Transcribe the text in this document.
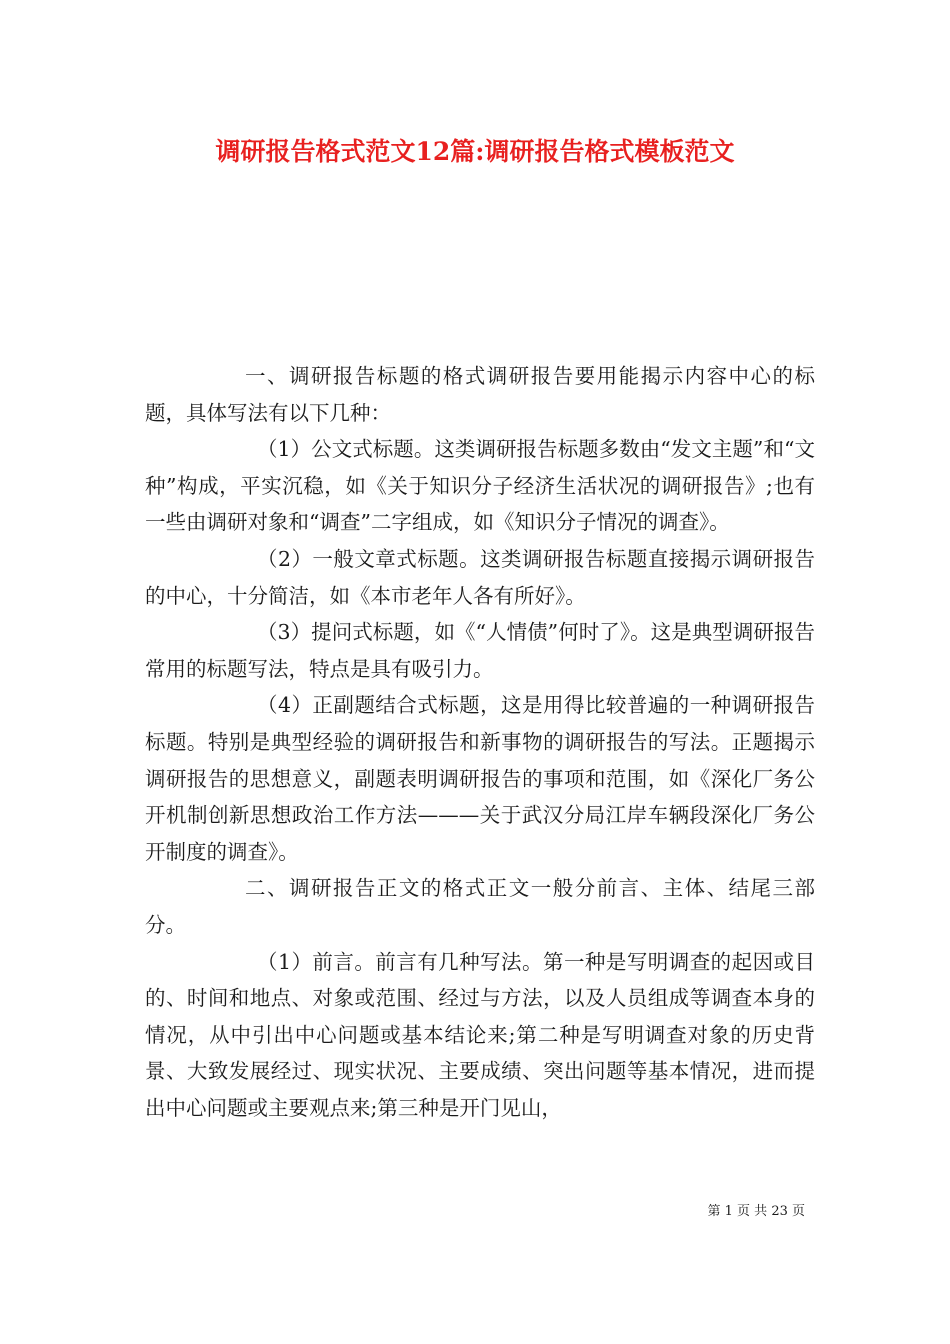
调研报告格式范文12篇:调研报告格式模板范文

一、调研报告标题的格式调研报告要用能揭示内容中心的标题，具体写法有以下几种：

（1）公文式标题。这类调研报告标题多数由“发文主题”和“文种”构成，平实沉稳，如《关于知识分子经济生活状况的调研报告》;也有一些由调研对象和“调查”二字组成，如《知识分子情况的调查》。

（2）一般文章式标题。这类调研报告标题直接揭示调研报告的中心，十分简洁，如《本市老年人各有所好》。

（3）提问式标题，如《“人情债”何时了》。这是典型调研报告常用的标题写法，特点是具有吸引力。

（4）正副题结合式标题，这是用得比较普遍的一种调研报告标题。特别是典型经验的调研报告和新事物的调研报告的写法。正题揭示调研报告的思想意义，副题表明调研报告的事项和范围，如《深化厂务公开机制创新思想政治工作方法———关于武汉分局江岸车辆段深化厂务公开制度的调查》。

二、调研报告正文的格式正文一般分前言、主体、结尾三部分。

（1）前言。前言有几种写法。第一种是写明调查的起因或目的、时间和地点、对象或范围、经过与方法，以及人员组成等调查本身的情况，从中引出中心问题或基本结论来;第二种是写明调查对象的历史背景、大致发展经过、现实状况、主要成绩、突出问题等基本情况，进而提出中心问题或主要观点来;第三种是开门见山，

第 1 页 共 23 页
